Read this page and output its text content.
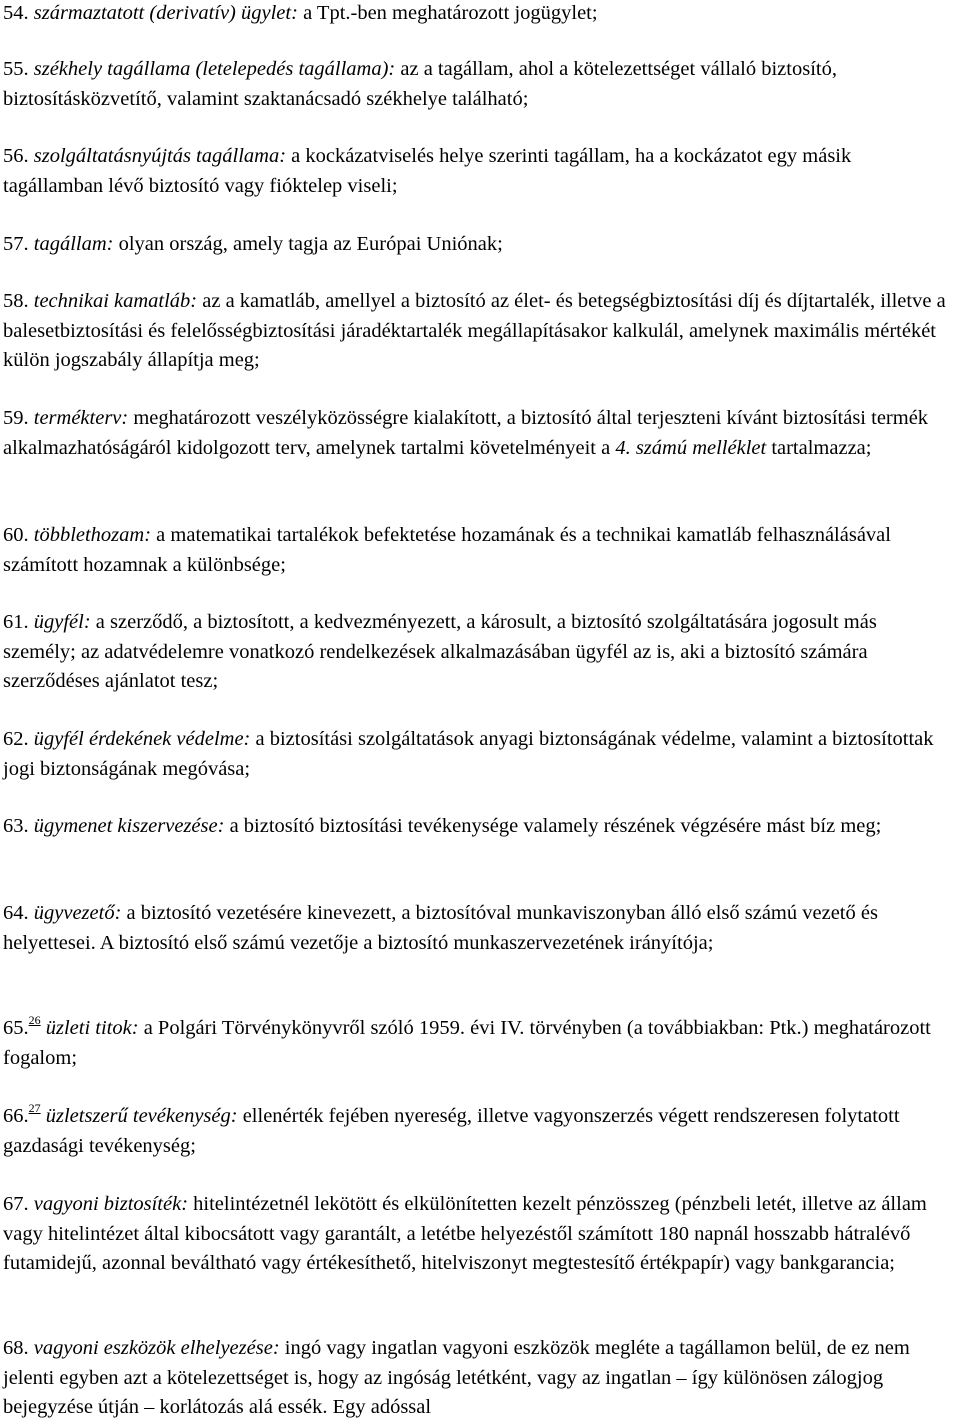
54. származtatott (derivatív) ügylet: a Tpt.-ben meghatározott jogügylet;

55. székhely tagállama (letelepedés tagállama): az a tagállam, ahol a kötelezettséget vállaló biztosító, biztosításközvetítő, valamint szaktanácsadó székhelye található;

56. szolgáltatásnyújtás tagállama: a kockázatviselés helye szerinti tagállam, ha a kockázatot egy másik tagállamban lévő biztosító vagy fióktelep viseli;

57. tagállam: olyan ország, amely tagja az Európai Uniónak;

58. technikai kamatláb: az a kamatláb, amellyel a biztosító az élet- és betegségbiztosítási díj és díjtartalék, illetve a balesetbiztosítási és felelősségbiztosítási járadéktartalék megállapításakor kalkulál, amelynek maximális mértékét külön jogszabály állapítja meg;

59. termékterv: meghatározott veszélyközösségre kialakított, a biztosító által terjeszteni kívánt biztosítási termék alkalmazhatóságáról kidolgozott terv, amelynek tartalmi követelményeit a 4. számú melléklet tartalmazza;

60. többlethozam: a matematikai tartalékok befektetése hozamának és a technikai kamatláb felhasználásával számított hozamnak a különbsége;

61. ügyfél: a szerződő, a biztosított, a kedvezményezett, a károsult, a biztosító szolgáltatására jogosult más személy; az adatvédelemre vonatkozó rendelkezések alkalmazásában ügyfél az is, aki a biztosító számára szerződéses ajánlatot tesz;

62. ügyfél érdekének védelme: a biztosítási szolgáltatások anyagi biztonságának védelme, valamint a biztosítottak jogi biztonságának megóvása;

63. ügymenet kiszervezése: a biztosító biztosítási tevékenysége valamely részének végzésére mást bíz meg;

64. ügyvezető: a biztosító vezetésére kinevezett, a biztosítóval munkaviszonyban álló első számú vezető és helyettesei. A biztosító első számú vezetője a biztosító munkaszervezetének irányítója;

65.26 üzleti titok: a Polgári Törvénykönyvről szóló 1959. évi IV. törvényben (a továbbiakban: Ptk.) meghatározott fogalom;

66.27 üzletszerű tevékenység: ellenérték fejében nyereség, illetve vagyonszerzés végett rendszeresen folytatott gazdasági tevékenység;

67. vagyoni biztosíték: hitelintézetnél lekötött és elkülönítetten kezelt pénzösszeg (pénzbeli letét, illetve az állam vagy hitelintézet által kibocsátott vagy garantált, a letétbe helyezéstől számított 180 napnál hosszabb hátralévő futamidejű, azonnal beváltható vagy értékesíthető, hitelviszonyt megtestesítő értékpapír) vagy bankgarancia;

68. vagyoni eszközök elhelyezése: ingó vagy ingatlan vagyoni eszközök megléte a tagállamon belül, de ez nem jelenti egyben azt a kötelezettséget is, hogy az ingóság letétként, vagy az ingatlan – így különösen zálogjog bejegyzése útján – korlátozás alá essék. Egy adóssal
